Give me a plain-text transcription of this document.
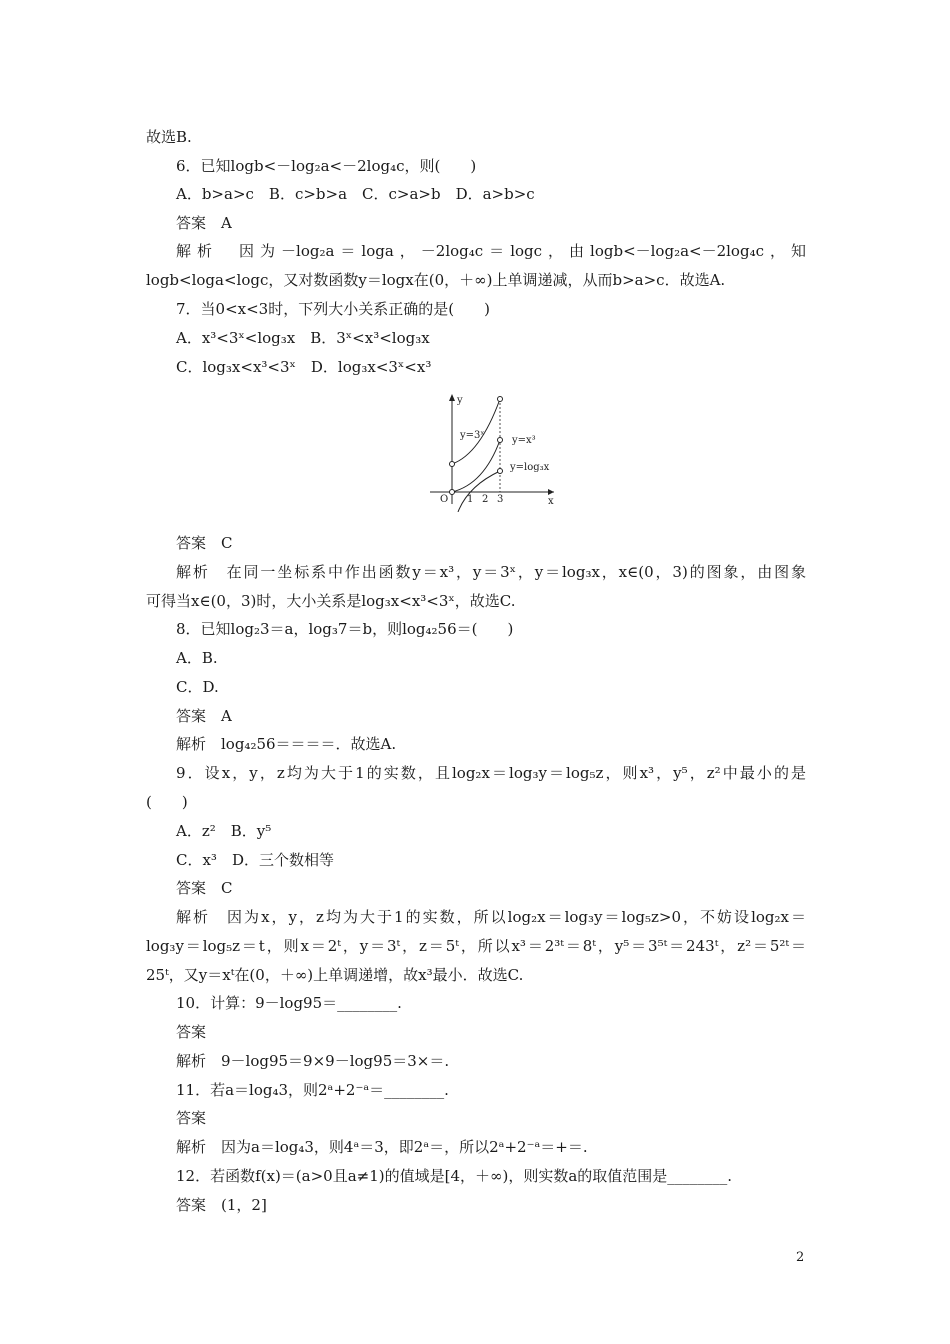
故选B.
6．已知logb<－log₂a<－2log₄c，则(　　)
A．b>a>c　B．c>b>a　C．c>a>b　D．a>b>c
答案　A
解析　因为－log₂a＝loga，－2log₄c＝logc，由logb<－log₂a<－2log₄c，知
logb<loga<logc，又对数函数y＝logx在(0，＋∞)上单调递减，从而b>a>c．故选A.
7．当0<x<3时，下列大小关系正确的是(　　)
A．x³<3ˣ<log₃x　B．3ˣ<x³<log₃x
C．log₃x<x³<3ˣ　D．log₃x<3ˣ<x³
y
x
O 1 2 3
y=3ˣ	y=x³
y=log₃x
答案　C
解析　在同一坐标系中作出函数y＝x³，y＝3ˣ，y＝log₃x，x∈(0，3)的图象，由图象
可得当x∈(0，3)时，大小关系是log₃x<x³<3ˣ，故选C.
8．已知log₂3＝a，log₃7＝b，则log₄₂56＝(　　)
A．B.
C．D.
答案　A
解析　log₄₂56＝＝＝＝．故选A.
9．设x，y，z均为大于1的实数，且log₂x＝log₃y＝log₅z，则x³，y⁵，z²中最小的是
(　　)
A．z²　B．y⁵
C．x³　D．三个数相等
答案　C
解析　因为x，y，z均为大于1的实数，所以log₂x＝log₃y＝log₅z>0，不妨设log₂x＝
log₃y＝log₅z＝t，则x＝2ᵗ，y＝3ᵗ，z＝5ᵗ，所以x³＝2³ᵗ＝8ᵗ，y⁵＝3⁵ᵗ＝243ᵗ，z²＝5²ᵗ＝
25ᵗ，又y＝xᵗ在(0，＋∞)上单调递增，故x³最小．故选C.
10．计算：9－log95＝________.
答案
解析　9－log95＝9×9－log95＝3×＝.
11．若a＝log₄3，则2ᵃ+2⁻ᵃ＝________.
答案
解析　因为a＝log₄3，则4ᵃ＝3，即2ᵃ＝，所以2ᵃ+2⁻ᵃ＝+＝.
12．若函数f(x)＝(a>0且a≠1)的值域是[4，＋∞)，则实数a的取值范围是________.
答案　(1，2]
2
